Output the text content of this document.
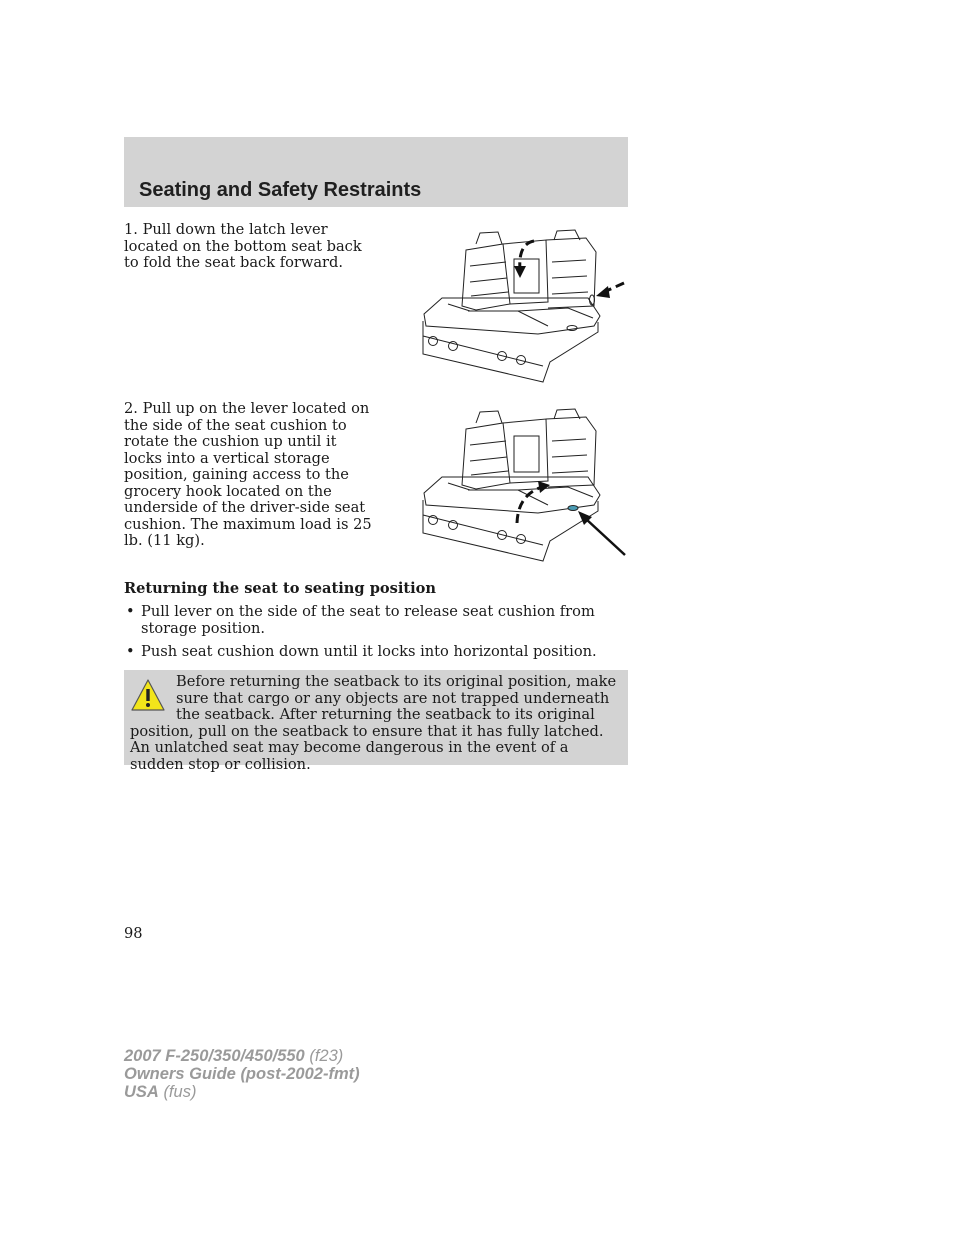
Seating and Safety Restraints
1. Pull down the latch lever located on the bottom seat back to fold the seat back forward.
2. Pull up on the lever located on the side of the seat cushion to rotate the cushion up until it locks into a vertical storage position, gaining access to the grocery hook located on the underside of the driver-side seat cushion. The maximum load is 25 lb. (11 kg).
Returning the seat to seating position
• Pull lever on the side of the seat to release seat cushion from storage position.
• Push seat cushion down until it locks into horizontal position.
Before returning the seatback to its original position, make sure that cargo or any objects are not trapped underneath the seatback. After returning the seatback to its original position, pull on the seatback to ensure that it has fully latched. An unlatched seat may become dangerous in the event of a sudden stop or collision.
98
2007 F-250/350/450/550 (f23)
Owners Guide (post-2002-fmt)
USA (fus)
